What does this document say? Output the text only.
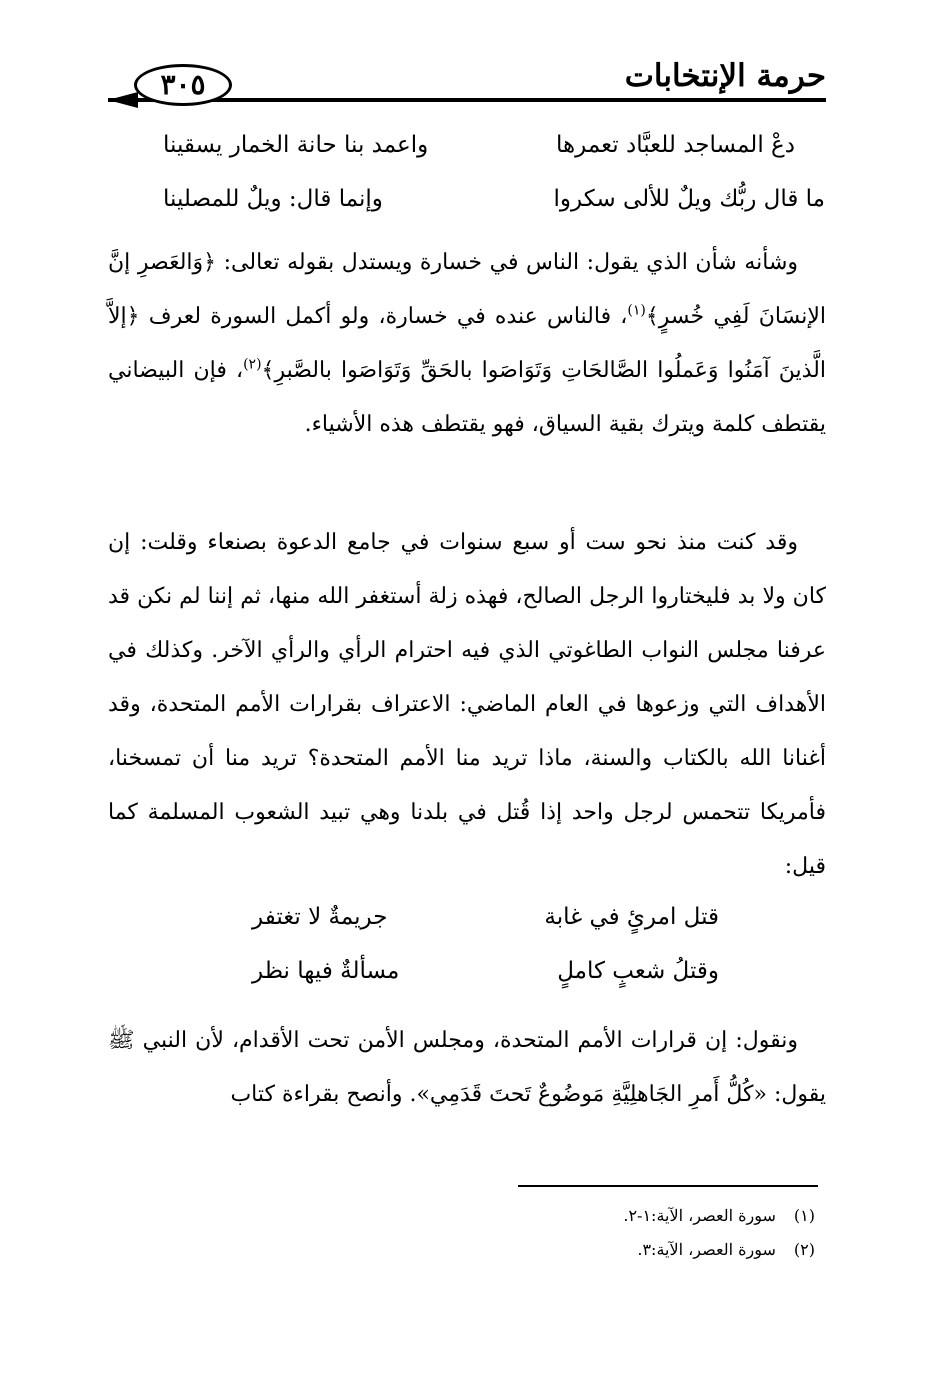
حرمة الإنتخابات
٣٠٥
دعْ المساجد للعبَّاد تعمرها
واعمد بنا حانة الخمار يسقينا
ما قال ربُّك ويلٌ للألى سكروا
وإنما قال: ويلٌ للمصلينا

وشأنه شأن الذي يقول: الناس في خسارة ويستدل بقوله تعالى: ﴿وَالعَصرِ إنَّ الإنسَانَ لَفِي خُسرٍ﴾$^{(١)}$، فالناس عنده في خسارة، ولو أكمل السورة لعرف ﴿إلاَّ الَّذينَ آمَنُوا وَعَملُوا الصَّالحَاتِ وَتَوَاصَوا بالحَقِّ وَتَوَاصَوا بالصَّبرِ﴾$^{(٢)}$، فإن البيضاني يقتطف كلمة ويترك بقية السياق، فهو يقتطف هذه الأشياء.

وقد كنت منذ نحو ست أو سبع سنوات في جامع الدعوة بصنعاء وقلت: إن كان ولا بد فليختاروا الرجل الصالح، فهذه زلة أستغفر الله منها، ثم إننا لم نكن قد عرفنا مجلس النواب الطاغوتي الذي فيه احترام الرأي والرأي الآخر. وكذلك في الأهداف التي وزعوها في العام الماضي: الاعتراف بقرارات الأمم المتحدة، وقد أغنانا الله بالكتاب والسنة، ماذا تريد منا الأمم المتحدة؟ تريد منا أن تمسخنا، فأمريكا تتحمس لرجل واحد إذا قُتل في بلدنا وهي تبيد الشعوب المسلمة كما قيل:

قتل امرئٍ في غابة
جريمةٌ لا تغتفر
وقتلُ شعبٍ كاملٍ
مسألةٌ فيها نظر

ونقول: إن قرارات الأمم المتحدة، ومجلس الأمن تحت الأقدام، لأن النبي ﷺ يقول: «كُلُّ أَمرِ الجَاهلِيَّةِ مَوضُوعٌ تَحتَ قَدَمِي». وأنصح بقراءة كتاب

(١)سورة العصر، الآية:١-٢.
(٢)سورة العصر، الآية:٣.
